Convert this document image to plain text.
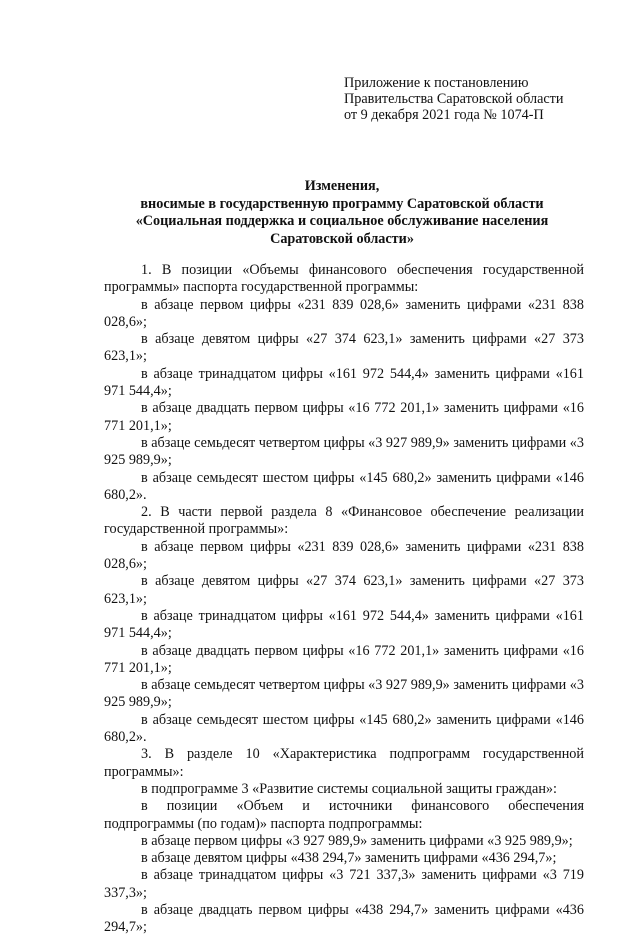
Приложение к постановлению
Правительства Саратовской области
от 9 декабря 2021 года № 1074-П
Изменения,
вносимые в государственную программу Саратовской области
«Социальная поддержка и социальное обслуживание населения
Саратовской области»

1. В позиции «Объемы финансового обеспечения государственной программы» паспорта государственной программы:

в абзаце первом цифры «231 839 028,6» заменить цифрами «231 838 028,6»;

в абзаце девятом цифры «27 374 623,1» заменить цифрами «27 373 623,1»;

в абзаце тринадцатом цифры «161 972 544,4» заменить цифрами «161 971 544,4»;

в абзаце двадцать первом цифры «16 772 201,1» заменить цифрами «16 771 201,1»;

в абзаце семьдесят четвертом цифры «3 927 989,9» заменить цифрами «3 925 989,9»;

в абзаце семьдесят шестом цифры «145 680,2» заменить цифрами «146 680,2».

2. В части первой раздела 8 «Финансовое обеспечение реализации государственной программы»:

в абзаце первом цифры «231 839 028,6» заменить цифрами «231 838 028,6»;

в абзаце девятом цифры «27 374 623,1» заменить цифрами «27 373 623,1»;

в абзаце тринадцатом цифры «161 972 544,4» заменить цифрами «161 971 544,4»;

в абзаце двадцать первом цифры «16 772 201,1» заменить цифрами «16 771 201,1»;

в абзаце семьдесят четвертом цифры «3 927 989,9» заменить цифрами «3 925 989,9»;

в абзаце семьдесят шестом цифры «145 680,2» заменить цифрами «146 680,2».

3. В разделе 10 «Характеристика подпрограмм государственной программы»:

в подпрограмме 3 «Развитие системы социальной защиты граждан»:

в позиции «Объем и источники финансового обеспечения подпрограммы (по годам)» паспорта подпрограммы:

в абзаце первом цифры «3 927 989,9» заменить цифрами «3 925 989,9»;

в абзаце девятом цифры «438 294,7» заменить цифрами «436 294,7»;

в абзаце тринадцатом цифры «3 721 337,3» заменить цифрами «3 719 337,3»;

в абзаце двадцать первом цифры «438 294,7» заменить цифрами «436 294,7»;
